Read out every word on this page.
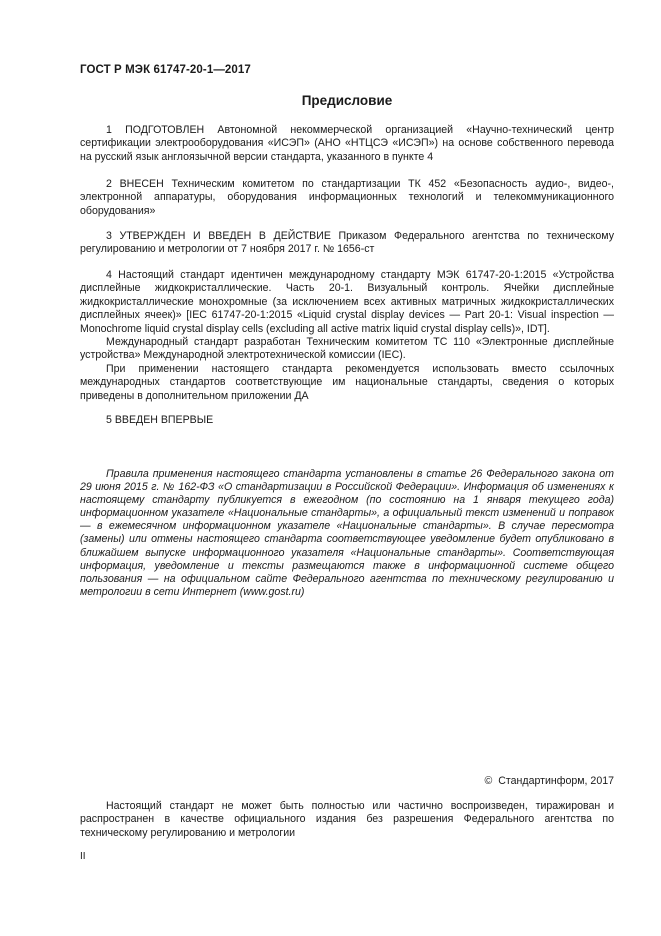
ГОСТ Р МЭК 61747-20-1—2017
Предисловие

1 ПОДГОТОВЛЕН Автономной некоммерческой организацией «Научно-технический центр сертификации электрооборудования «ИСЭП» (АНО «НТЦСЭ «ИСЭП») на основе собственного перевода на русский язык англоязычной версии стандарта, указанного в пункте 4

2 ВНЕСЕН Техническим комитетом по стандартизации ТК 452 «Безопасность аудио-, видео-, электронной аппаратуры, оборудования информационных технологий и телекоммуникационного оборудования»

3 УТВЕРЖДЕН И ВВЕДЕН В ДЕЙСТВИЕ Приказом Федерального агентства по техническому регулированию и метрологии от 7 ноября 2017 г. № 1656-ст

4 Настоящий стандарт идентичен международному стандарту МЭК 61747-20-1:2015 «Устройства дисплейные жидкокристаллические. Часть 20-1. Визуальный контроль. Ячейки дисплейные жидкокристаллические монохромные (за исключением всех активных матричных жидкокристаллических дисплейных ячеек)» [IEC 61747-20-1:2015 «Liquid crystal display devices — Part 20-1: Visual inspection — Monochrome liquid crystal display cells (excluding all active matrix liquid crystal display cells)», IDT].

Международный стандарт разработан Техническим комитетом ТС 110 «Электронные дисплейные устройства» Международной электротехнической комиссии (IEC).

При применении настоящего стандарта рекомендуется использовать вместо ссылочных международных стандартов соответствующие им национальные стандарты, сведения о которых приведены в дополнительном приложении ДА

5 ВВЕДЕН ВПЕРВЫЕ

Правила применения настоящего стандарта установлены в статье 26 Федерального закона от 29 июня 2015 г. № 162-ФЗ «О стандартизации в Российской Федерации». Информация об изменениях к настоящему стандарту публикуется в ежегодном (по состоянию на 1 января текущего года) информационном указателе «Национальные стандарты», а официальный текст изменений и поправок — в ежемесячном информационном указателе «Национальные стандарты». В случае пересмотра (замены) или отмены настоящего стандарта соответствующее уведомление будет опубликовано в ближайшем выпуске информационного указателя «Национальные стандарты». Соответствующая информация, уведомление и тексты размещаются также в информационной системе общего пользования — на официальном сайте Федерального агентства по техническому регулированию и метрологии в сети Интернет (www.gost.ru)

© Стандартинформ, 2017

Настоящий стандарт не может быть полностью или частично воспроизведен, тиражирован и распространен в качестве официального издания без разрешения Федерального агентства по техническому регулированию и метрологии

II
